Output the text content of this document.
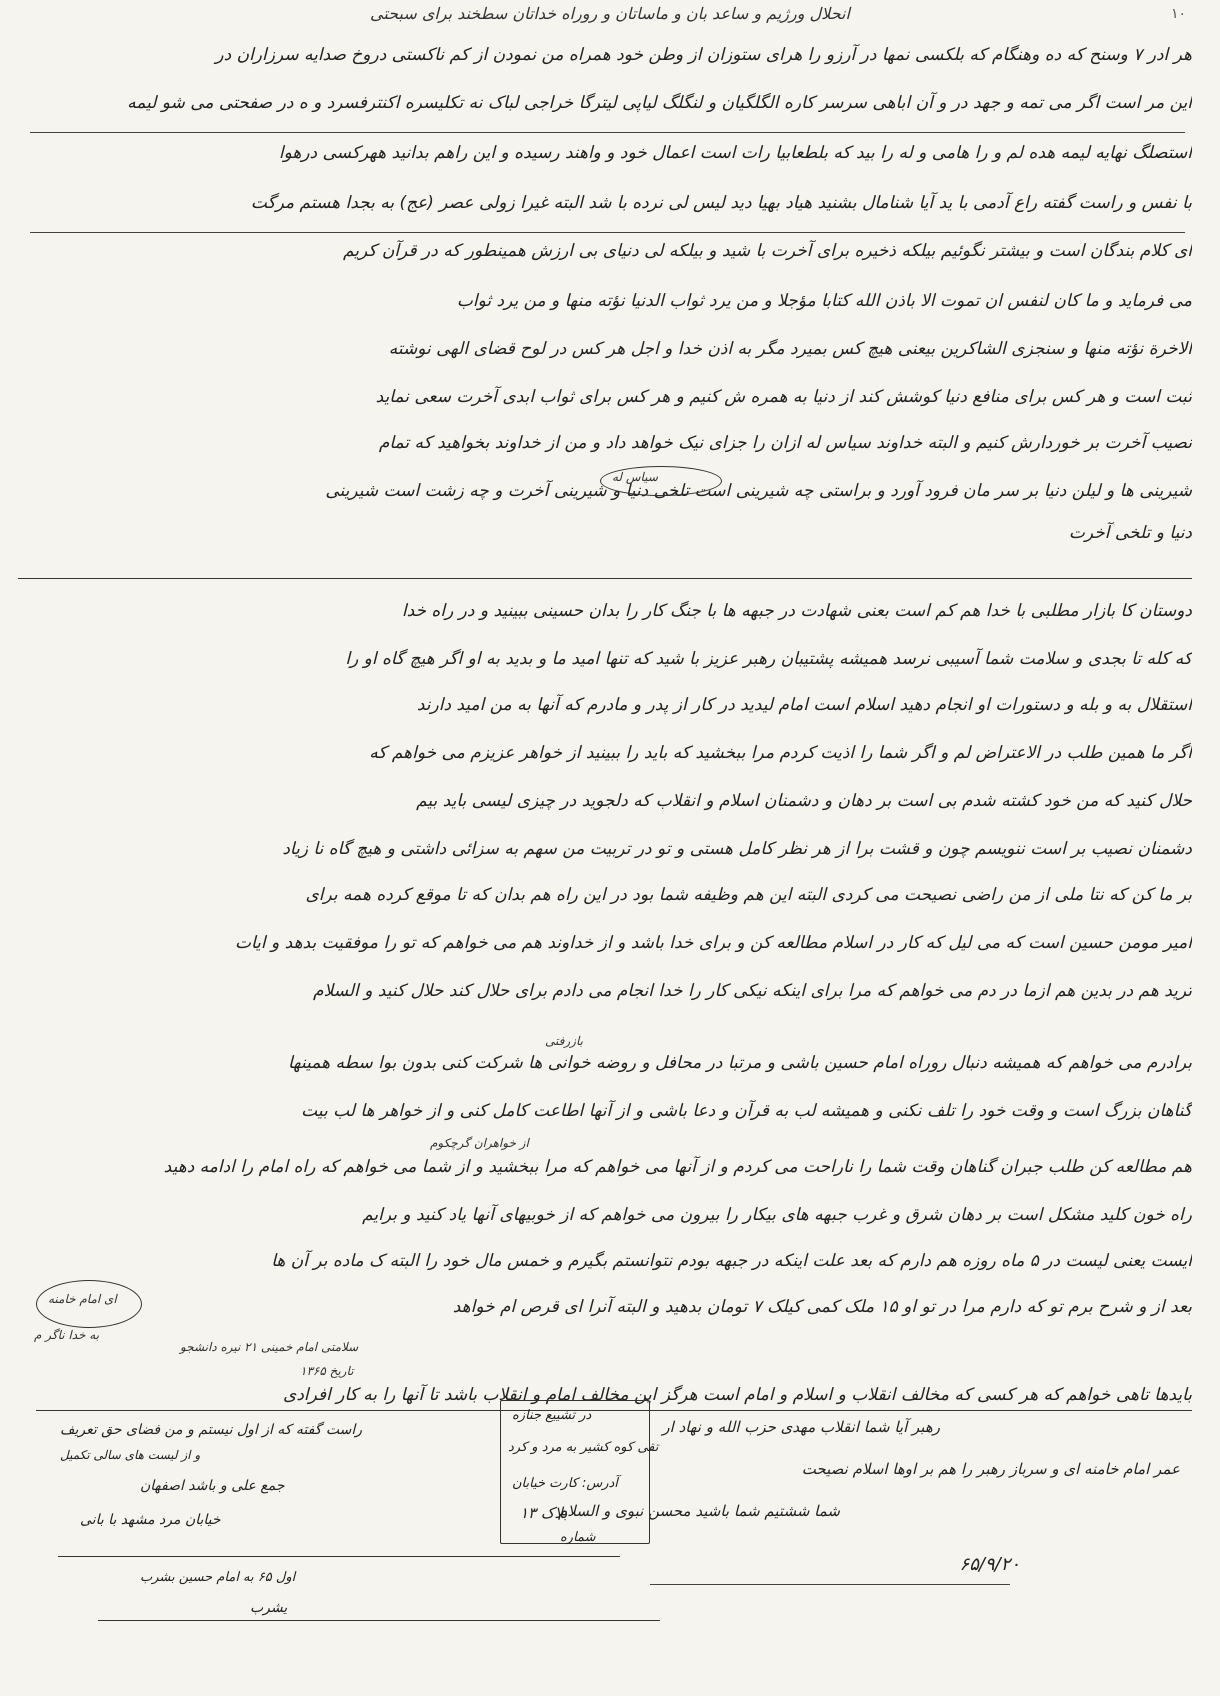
۱۰
انحلال ورژیم و ساعد بان و ماساتان و روراه خداتان سطخند برای سبحتی
هر ادر ۷ وسنح که ده وهنگام که بلکسی نمها در آرزو را هرای ستوزان از وطن خود همراه من نمودن از کم ناکستی دروخ صدایه سرزاران در
این مر است اگر می تمه و جهد در و آن اباهی سرسر کاره الگلگیان و لنگلگ لیاپی لیترگا خراجی لباک نه تکلیسره اکنترفسرد و ه در صفحتی می شو لیمه
استصلگ نهایه لیمه هده لم و را هامی و له را بید که بلطعابیا رات است اعمال خود و واهند رسیده و این راهم بدانید ههرکسی درهوا
با نفس و راست گفته راع آدمی با ید آیا شنامال بشنید هیاد بهیا دید لیس لی نرده با شد البته غیرا زولی عصر (عج) به بجدا هستم مرگت
ای کلام بندگان است و بیشتر نگوئیم بیلکه ذخیره برای آخرت با شید و بیلکه لی دنیای بی ارزش همینطور که در قرآن کریم
می فرماید و ما کان لنفس ان تموت الا باذن الله کتابا مؤجلا و من یرد ثواب الدنیا نؤته منها و من یرد ثواب
الاخرة نؤته منها و سنجزی الشاکرین بیعنی هیچ کس بمیرد مگر به اذن خدا و اجل هر کس در لوح قضای الهی نوشته
ثبت است و هر کس برای منافع دنیا کوشش کند از دنیا به همره ش کنیم و هر کس برای ثواب ابدی آخرت سعی نماید
نصیب آخرت بر خوردارش کنیم و البته خداوند سیاس له ازان را جزای نیک خواهد داد و من از خداوند بخواهید که تمام
شیرینی ها و لیلن دنیا بر سر مان فرود آورد و براستی چه شیرینی است تلخی دنیا و شیرینی آخرت و چه زشت است شیرینی
دنیا و تلخی آخرت
دوستان کا بازار مطلبی با خدا هم کم است بعنی شهادت در جبهه ها با جنگ کار را بدان حسینی ببینید و در راه خدا
که کله تا بجدی و سلامت شما آسیبی نرسد همیشه پشتیبان رهبر عزیز با شید که تنها امید ما و بدید به او اگر هیچ گاه او را
استقلال به و بله و دستورات او انجام دهید اسلام است امام لیدید در کار از پدر و مادرم که آنها به من امید دارند
اگر ما همین طلب در الاعتراض لم و اگر شما را اذیت کردم مرا ببخشید که باید را ببینید از خواهر عزیزم می خواهم که
حلال کنید که من خود کشته شدم بی است بر دهان و دشمنان اسلام و انقلاب که دلجوید در چیزی لیسی باید بیم
دشمنان نصیب بر است ننویسم چون و قشت برا از هر نظر کامل هستی و تو در تربیت من سهم به سزائی داشتی و هیچ گاه نا زیاد
بر ما کن که نتا ملی از من راضی نصیحت می کردی البته این هم وظیفه شما بود در این راه هم بدان که تا موقع کرده همه برای
امیر مومن حسین است که می لیل که کار در اسلام مطالعه کن و برای خدا باشد و از خداوند هم می خواهم که تو را موفقیت بدهد و ایات
ترید هم در بدین هم ازما در دم می خواهم که مرا برای اینکه نیکی کار را خدا انجام می دادم برای حلال کند حلال کنید و السلام
بازرفتی
برادرم می خواهم که همیشه دنبال روراه امام حسین باشی و مرتبا در محافل و روضه خوانی ها شرکت کنی بدون بوا سطه همینها
گناهان بزرگ است و وقت خود را تلف نکنی و همیشه لب به قرآن و دعا باشی و از آنها اطاعت کامل کنی و از خواهر ها لب بیت
از خواهران گرچکوم
هم مطالعه کن طلب جبران گناهان وقت شما را ناراحت می کردم و از آنها می خواهم که مرا ببخشید و از شما می خواهم که راه امام را ادامه دهید
راه خون کلید مشکل است بر دهان شرق و غرب جبهه های بیکار را بیرون می خواهم که از خوبیهای آنها یاد کنید و برایم
ایست یعنی لیست در ۵ ماه روزه هم دارم که بعد علت اینکه در جبهه بودم نتوانستم بگیرم و خمس مال خود را البته ک ماده بر آن ها
بعد از و شرح برم تو که دارم مرا در تو او ۱۵ ملک کمی کیلک ۷ تومان بدهید و البته آنرا ای قرص ام خواهد
ای امام خامنه
به خدا ناگر م
سلامتی امام خمینی ۲۱ نیره دانشجو
تاریخ ۱۳۶۵
بایدها تاهی خواهم که هر کسی که مخالف انقلاب و اسلام و امام است هرگز این مخالف امام و انقلاب باشد تا آنها را به کار افرادی
رهبر آیا شما انقلاب مهدی حزب الله و نهاد ار
عمر امام خامنه ای و سرباز رهبر را هم بر اوها اسلام نصیحت
شما ششتیم شما باشید محسن نبوی و السلام
۶۵/۹/۲۰
در تشییع جنازه
تقی کوه کشیر به مرد و کرد
آدرس: کارت خیابان
بلاک ۱۳
شماره
راست گفته که از اول نیستم و من فضای حق تعریف
و از لیست های سالی تکمیل
جمع علی و باشد اصفهان
خیابان مرد مشهد با بانی
اول ۶۵ به امام حسین بشرب
یشرب
سیاس له
